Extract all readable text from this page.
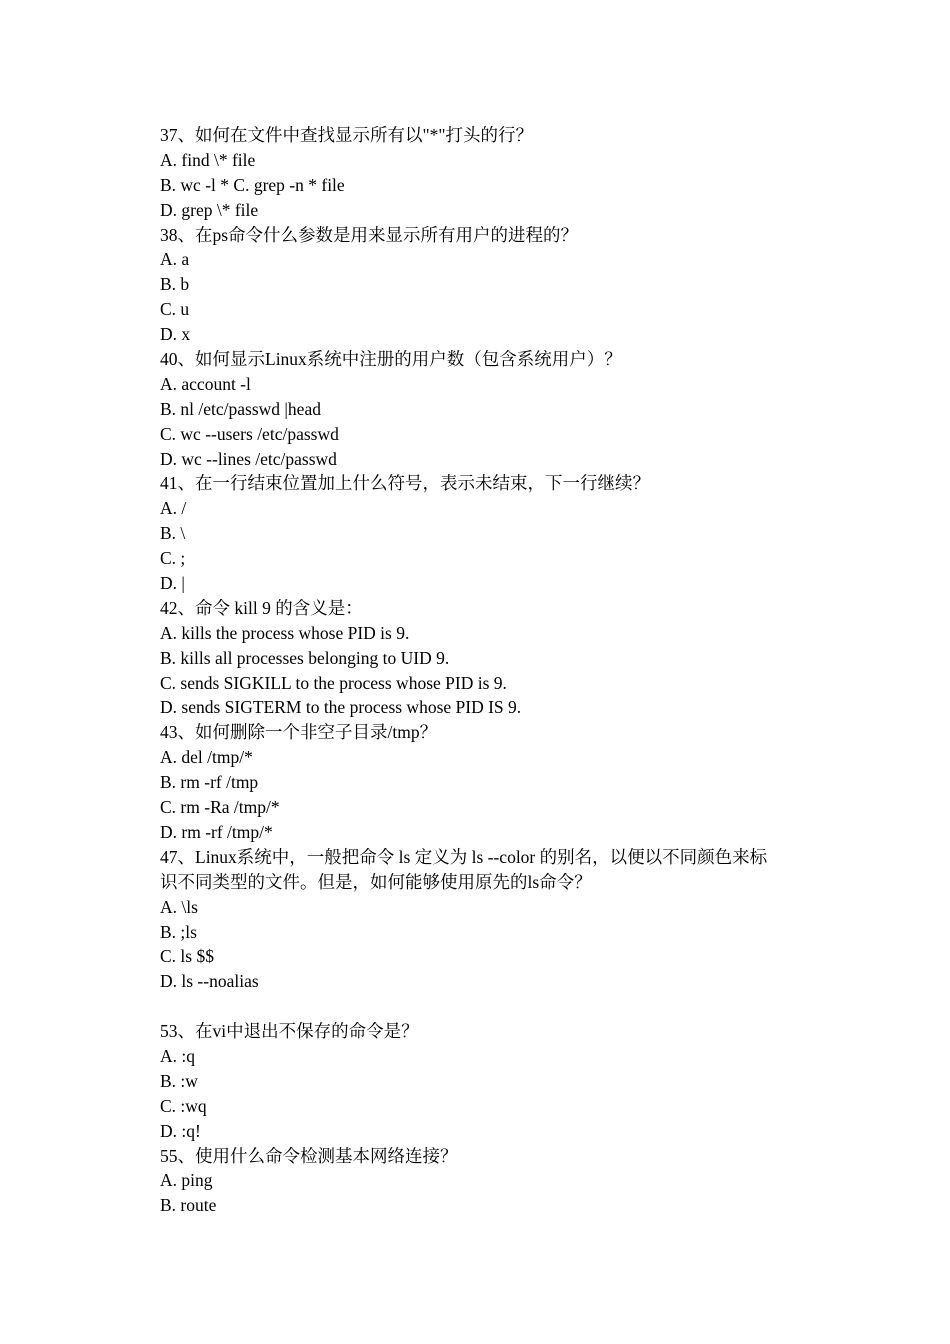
37、如何在文件中查找显示所有以"*"打头的行？
A. find \* file
B. wc -l * C. grep -n * file
D. grep \* file
38、在ps命令什么参数是用来显示所有用户的进程的？
A. a
B. b
C. u
D. x
40、如何显示Linux系统中注册的用户数（包含系统用户）？
A. account -l
B. nl /etc/passwd |head
C. wc --users /etc/passwd
D. wc --lines /etc/passwd
41、在一行结束位置加上什么符号，表示未结束，下一行继续？
A. /
B. \
C. ;
D. |
42、命令 kill 9 的含义是：
A. kills the process whose PID is 9.
B. kills all processes belonging to UID 9.
C. sends SIGKILL to the process whose PID is 9.
D. sends SIGTERM to the process whose PID IS 9.
43、如何删除一个非空子目录/tmp？
A. del /tmp/*
B. rm -rf /tmp
C. rm -Ra /tmp/*
D. rm -rf /tmp/*
47、Linux系统中，一般把命令 ls 定义为 ls --color 的别名，以便以不同颜色来标
识不同类型的文件。但是，如何能够使用原先的ls命令？
A. \ls
B. ;ls
C. ls $$
D. ls --noalias
53、在vi中退出不保存的命令是？
A. :q
B. :w
C. :wq
D. :q!
55、使用什么命令检测基本网络连接？
A. ping
B. route
